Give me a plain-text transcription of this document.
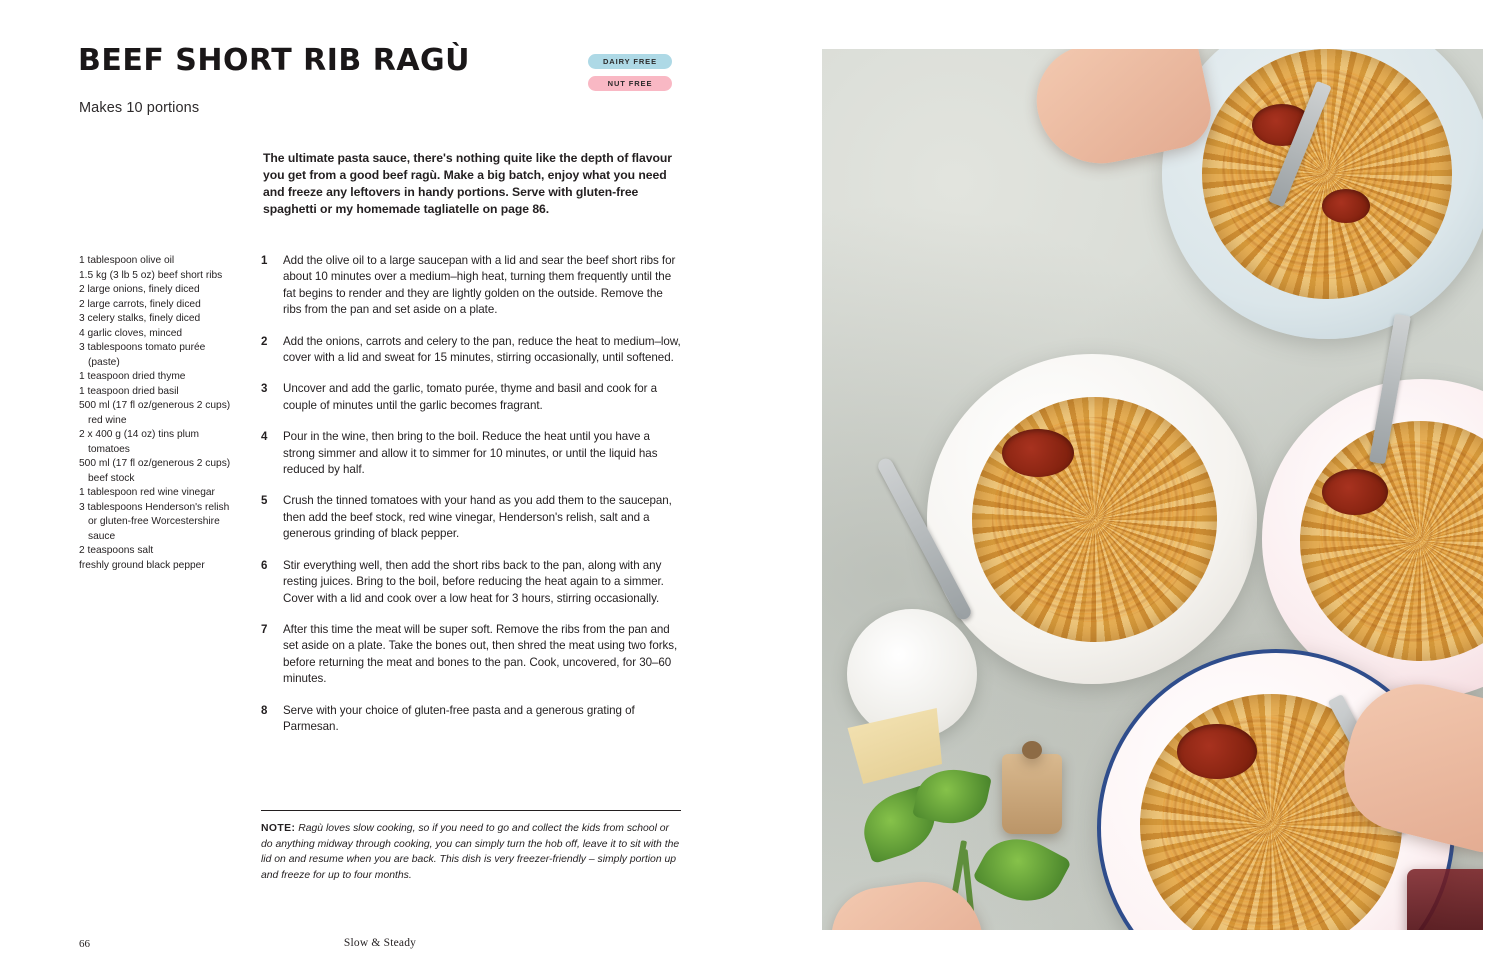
BEEF SHORT RIB RAGÙ	DAIRY FREE
NUT FREE
Makes 10 portions
The ultimate pasta sauce, there's nothing quite like the depth of flavour you get from a good beef ragù. Make a big batch, enjoy what you need and freeze any leftovers in handy portions. Serve with gluten-free spaghetti or my homemade tagliatelle on page 86.
1 tablespoon olive oil
1.5 kg (3 lb 5 oz) beef short ribs
2 large onions, finely diced
2 large carrots, finely diced
3 celery stalks, finely diced
4 garlic cloves, minced
3 tablespoons tomato purée
(paste)
1 teaspoon dried thyme
1 teaspoon dried basil
500 ml (17 fl oz/generous 2 cups)
red wine
2 x 400 g (14 oz) tins plum
tomatoes
500 ml (17 fl oz/generous 2 cups)
beef stock
1 tablespoon red wine vinegar
3 tablespoons Henderson's relish
or gluten-free Worcestershire
sauce
2 teaspoons salt
freshly ground black pepper
1	Add the olive oil to a large saucepan with a lid and sear the beef short ribs for about 10 minutes over a medium–high heat, turning them frequently until the fat begins to render and they are lightly golden on the outside. Remove the ribs from the pan and set aside on a plate.
2	Add the onions, carrots and celery to the pan, reduce the heat to medium–low, cover with a lid and sweat for 15 minutes, stirring occasionally, until softened.
3	Uncover and add the garlic, tomato purée, thyme and basil and cook for a couple of minutes until the garlic becomes fragrant.
4	Pour in the wine, then bring to the boil. Reduce the heat until you have a strong simmer and allow it to simmer for 10 minutes, or until the liquid has reduced by half.
5	Crush the tinned tomatoes with your hand as you add them to the saucepan, then add the beef stock, red wine vinegar, Henderson's relish, salt and a generous grinding of black pepper.
6	Stir everything well, then add the short ribs back to the pan, along with any resting juices. Bring to the boil, before reducing the heat again to a simmer. Cover with a lid and cook over a low heat for 3 hours, stirring occasionally.
7	After this time the meat will be super soft. Remove the ribs from the pan and set aside on a plate. Take the bones out, then shred the meat using two forks, before returning the meat and bones to the pan. Cook, uncovered, for 30–60 minutes.
8	Serve with your choice of gluten-free pasta and a generous grating of Parmesan.
NOTE: Ragù loves slow cooking, so if you need to go and collect the kids from school or do anything midway through cooking, you can simply turn the hob off, leave it to sit with the lid on and resume when you are back. This dish is very freezer-friendly – simply portion up and freeze for up to four months.
66	Slow & Steady
